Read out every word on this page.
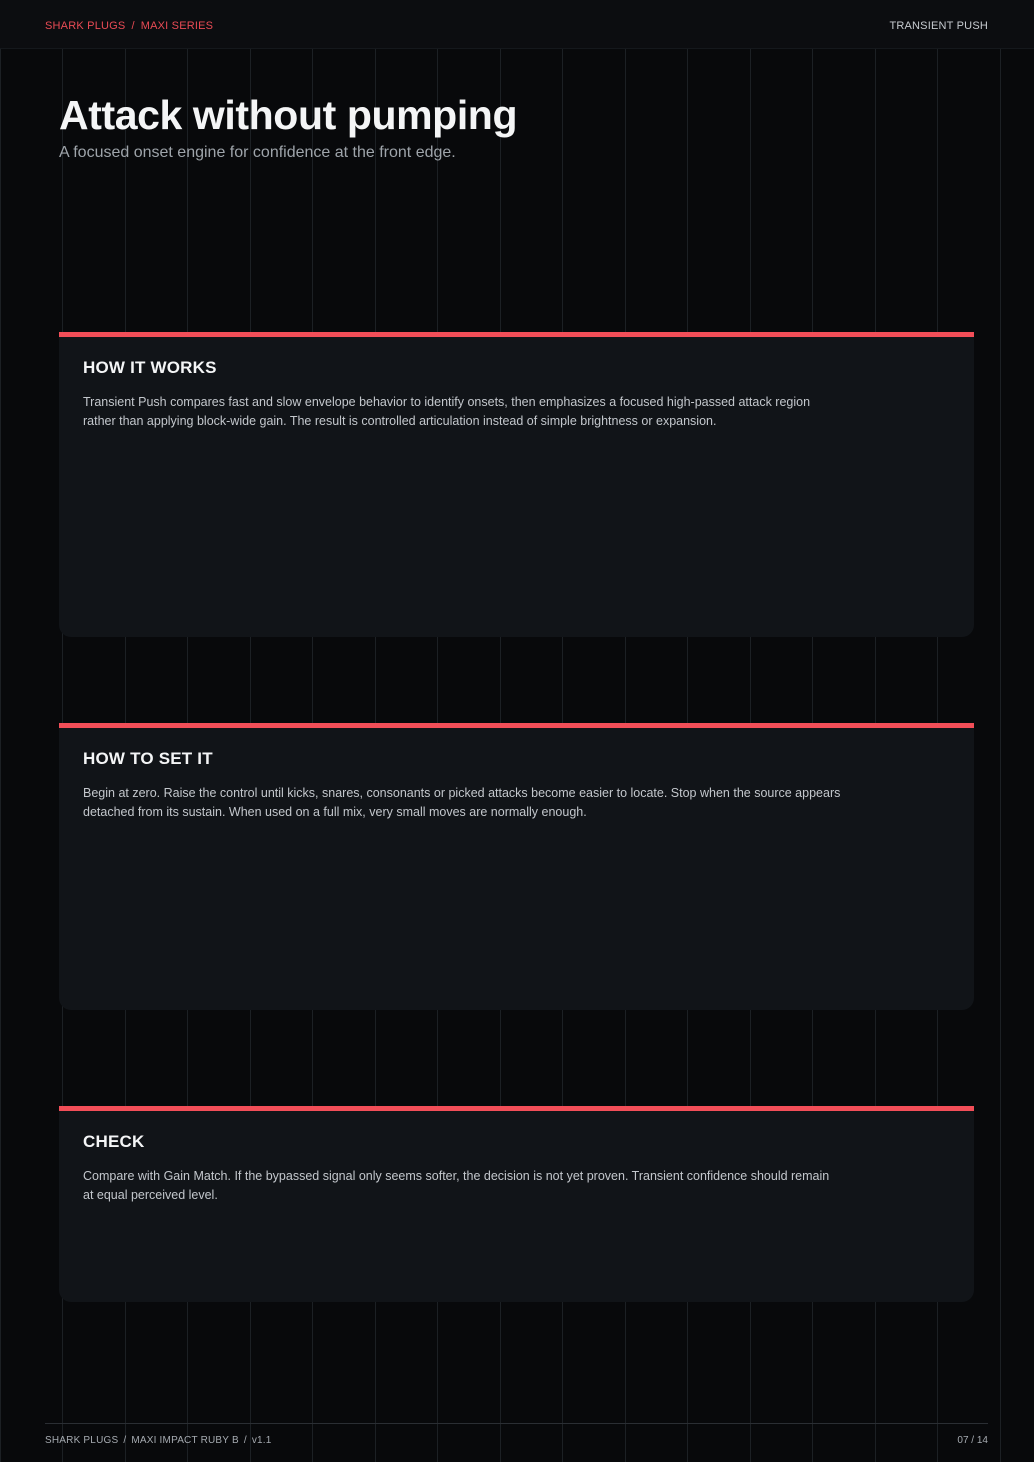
SHARK PLUGS / MAXI SERIES	TRANSIENT PUSH
Attack without pumping
A focused onset engine for confidence at the front edge.
HOW IT WORKS

Transient Push compares fast and slow envelope behavior to identify onsets, then emphasizes a focused high-passed attack region rather than applying block-wide gain. The result is controlled articulation instead of simple brightness or expansion.

HOW TO SET IT

Begin at zero. Raise the control until kicks, snares, consonants or picked attacks become easier to locate. Stop when the source appears detached from its sustain. When used on a full mix, very small moves are normally enough.

CHECK

Compare with Gain Match. If the bypassed signal only seems softer, the decision is not yet proven. Transient confidence should remain at equal perceived level.

SHARK PLUGS / MAXI IMPACT RUBY B / v1.1	07 / 14
